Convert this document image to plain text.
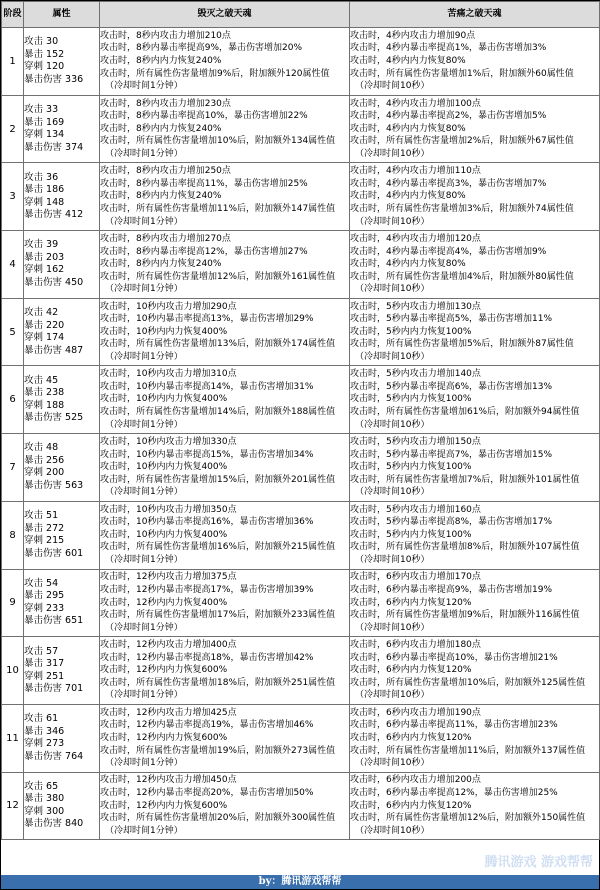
阶段	属性	毁灭之破天魂	苦痛之破天魂
1	攻击 30
暴击 152
穿刺 120
暴击伤害 336	攻击时，8秒内攻击力增加210点
攻击时，8秒内暴击率提高9%，暴击伤害增加20%
攻击时，8秒内内力恢复240%
攻击时，所有属性伤害量增加9%后，附加额外120属性值
（冷却时间1分钟）	攻击时，4秒内攻击力增加90点
攻击时，4秒内暴击率提高1%，暴击伤害增加3%
攻击时，4秒内内力恢复80%
攻击时，所有属性伤害量增加1%后，附加额外60属性值
（冷却时间10秒）

2	攻击 33
暴击 169
穿刺 134
暴击伤害 374	攻击时，8秒内攻击力增加230点
攻击时，8秒内暴击率提高10%，暴击伤害增加22%
攻击时，8秒内内力恢复240%
攻击时，所有属性伤害量增加10%后，附加额外134属性值
（冷却时间1分钟）	攻击时，4秒内攻击力增加100点
攻击时，4秒内暴击率提高2%，暴击伤害增加5%
攻击时，4秒内内力恢复80%
攻击时，所有属性伤害量增加2%后，附加额外67属性值
（冷却时间10秒）

3	攻击 36
暴击 186
穿刺 148
暴击伤害 412	攻击时，8秒内攻击力增加250点
攻击时，8秒内暴击率提高11%，暴击伤害增加25%
攻击时，8秒内内力恢复240%
攻击时，所有属性伤害量增加11%后，附加额外147属性值
（冷却时间1分钟）	攻击时，4秒内攻击力增加110点
攻击时，4秒内暴击率提高3%，暴击伤害增加7%
攻击时，4秒内内力恢复80%
攻击时，所有属性伤害量增加3%后，附加额外74属性值
（冷却时间10秒）

4	攻击 39
暴击 203
穿刺 162
暴击伤害 450	攻击时，8秒内攻击力增加270点
攻击时，8秒内暴击率提高12%，暴击伤害增加27%
攻击时，8秒内内力恢复240%
攻击时，所有属性伤害量增加12%后，附加额外161属性值
（冷却时间1分钟）	攻击时，4秒内攻击力增加120点
攻击时，4秒内暴击率提高4%，暴击伤害增加9%
攻击时，4秒内内力恢复80%
攻击时，所有属性伤害量增加4%后，附加额外80属性值
（冷却时间10秒）

5	攻击 42
暴击 220
穿刺 174
暴击伤害 487	攻击时，10秒内攻击力增加290点
攻击时，10秒内暴击率提高13%，暴击伤害增加29%
攻击时，10秒内内力恢复400%
攻击时，所有属性伤害量增加13%后，附加额外174属性值
（冷却时间1分钟）	攻击时，5秒内攻击力增加130点
攻击时，5秒内暴击率提高5%，暴击伤害增加11%
攻击时，5秒内内力恢复100%
攻击时，所有属性伤害量增加5%后，附加额外87属性值
（冷却时间10秒）

6	攻击 45
暴击 238
穿刺 188
暴击伤害 525	攻击时，10秒内攻击力增加310点
攻击时，10秒内暴击率提高14%，暴击伤害增加31%
攻击时，10秒内内力恢复400%
攻击时，所有属性伤害量增加14%后，附加额外188属性值
（冷却时间1分钟）	攻击时，5秒内攻击力增加140点
攻击时，5秒内暴击率提高6%，暴击伤害增加13%
攻击时，5秒内内力恢复100%
攻击时，所有属性伤害量增加61%后，附加额外94属性值
（冷却时间10秒）

7	攻击 48
暴击 256
穿刺 200
暴击伤害 563	攻击时，10秒内攻击力增加330点
攻击时，10秒内暴击率提高15%，暴击伤害增加34%
攻击时，10秒内内力恢复400%
攻击时，所有属性伤害量增加15%后，附加额外201属性值
（冷却时间1分钟）	攻击时，5秒内攻击力增加150点
攻击时，5秒内暴击率提高7%，暴击伤害增加15%
攻击时，5秒内内力恢复100%
攻击时，所有属性伤害量增加7%后，附加额外101属性值
（冷却时间10秒）

8	攻击 51
暴击 272
穿刺 215
暴击伤害 601	攻击时，10秒内攻击力增加350点
攻击时，10秒内暴击率提高16%，暴击伤害增加36%
攻击时，10秒内内力恢复400%
攻击时，所有属性伤害量增加16%后，附加额外215属性值
（冷却时间1分钟）	攻击时，5秒内攻击力增加160点
攻击时，5秒内暴击率提高8%，暴击伤害增加17%
攻击时，5秒内内力恢复100%
攻击时，所有属性伤害量增加8%后，附加额外107属性值
（冷却时间10秒）

9	攻击 54
暴击 295
穿刺 233
暴击伤害 651	攻击时，12秒内攻击力增加375点
攻击时，12秒内暴击率提高17%，暴击伤害增加39%
攻击时，12秒内内力恢复400%
攻击时，所有属性伤害量增加17%后，附加额外233属性值
（冷却时间1分钟）	攻击时，6秒内攻击力增加170点
攻击时，6秒内暴击率提高9%，暴击伤害增加19%
攻击时，6秒内内力恢复120%
攻击时，所有属性伤害量增加9%后，附加额外116属性值
（冷却时间10秒）

10	攻击 57
暴击 317
穿刺 251
暴击伤害 701	攻击时，12秒内攻击力增加400点
攻击时，12秒内暴击率提高18%，暴击伤害增加42%
攻击时，12秒内内力恢复600%
攻击时，所有属性伤害量增加18%后，附加额外251属性值
（冷却时间1分钟）	攻击时，6秒内攻击力增加180点
攻击时，6秒内暴击率提高10%，暴击伤害增加21%
攻击时，6秒内内力恢复120%
攻击时，所有属性伤害量增加10%后，附加额外125属性值
（冷却时间10秒）

11	攻击 61
暴击 346
穿刺 273
暴击伤害 764	攻击时，12秒内攻击力增加425点
攻击时，12秒内暴击率提高19%，暴击伤害增加46%
攻击时，12秒内内力恢复600%
攻击时，所有属性伤害量增加19%后，附加额外273属性值
（冷却时间1分钟）	攻击时，6秒内攻击力增加190点
攻击时，6秒内暴击率提高11%，暴击伤害增加23%
攻击时，6秒内内力恢复120%
攻击时，所有属性伤害量增加11%后，附加额外137属性值
（冷却时间10秒）

12	攻击 65
暴击 380
穿刺 300
暴击伤害 840	攻击时，12秒内攻击力增加450点
攻击时，12秒内暴击率提高20%，暴击伤害增加50%
攻击时，12秒内内力恢复600%
攻击时，所有属性伤害量增加20%后，附加额外300属性值
（冷却时间1分钟）	攻击时，6秒内攻击力增加200点
攻击时，6秒内暴击率提高12%，暴击伤害增加25%
攻击时，6秒内内力恢复120%
攻击时，所有属性伤害量增加12%后，附加额外150属性值
（冷却时间10秒）
腾讯游戏 游戏帮帮
by：腾讯游戏帮帮
